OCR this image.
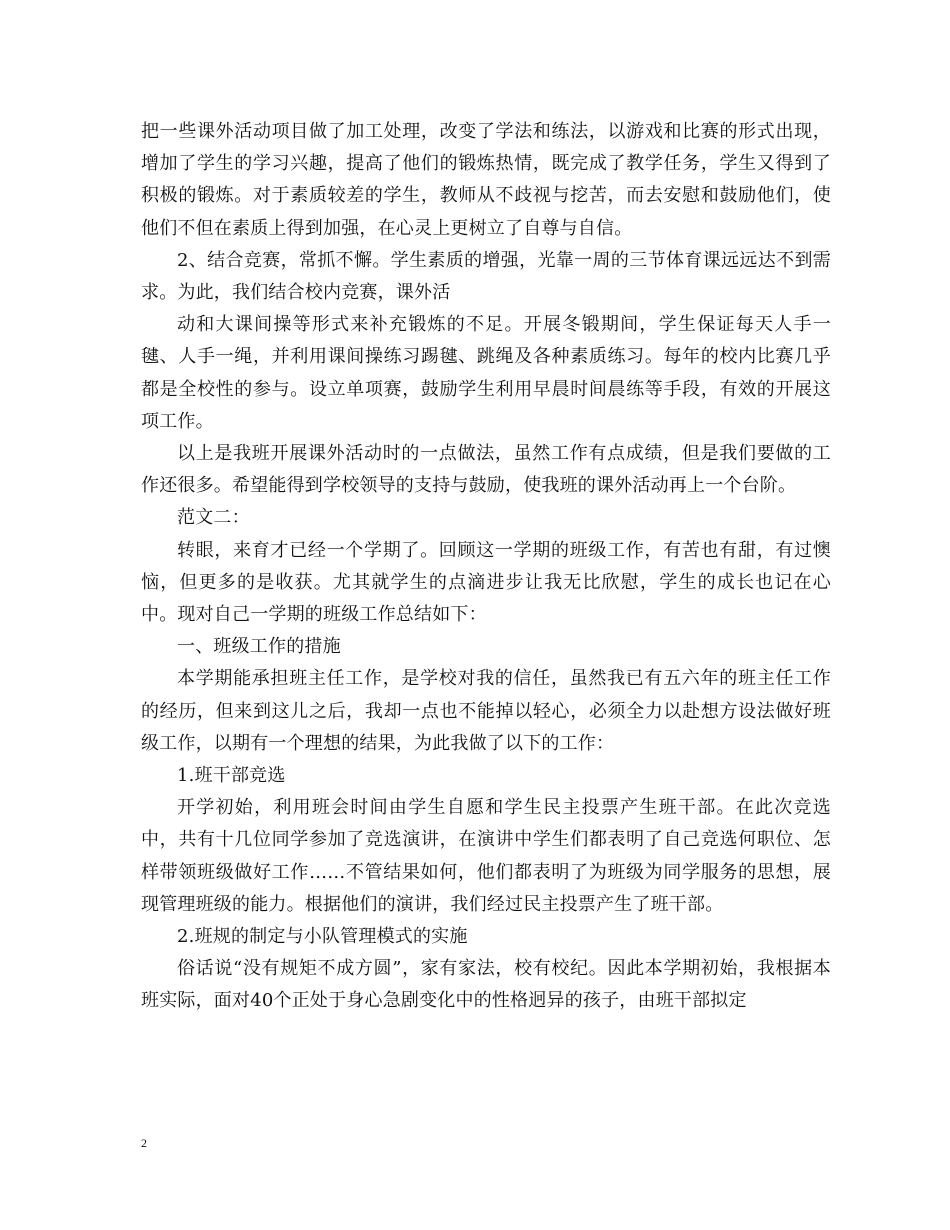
把一些课外活动项目做了加工处理，改变了学法和练法，以游戏和比赛的形式出现，增加了学生的学习兴趣，提高了他们的锻炼热情，既完成了教学任务，学生又得到了积极的锻炼。对于素质较差的学生，教师从不歧视与挖苦，而去安慰和鼓励他们，使他们不但在素质上得到加强，在心灵上更树立了自尊与自信。

2、结合竞赛，常抓不懈。学生素质的增强，光靠一周的三节体育课远远达不到需求。为此，我们结合校内竞赛，课外活

动和大课间操等形式来补充锻炼的不足。开展冬锻期间，学生保证每天人手一毽、人手一绳，并利用课间操练习踢毽、跳绳及各种素质练习。每年的校内比赛几乎都是全校性的参与。设立单项赛，鼓励学生利用早晨时间晨练等手段，有效的开展这项工作。

以上是我班开展课外活动时的一点做法，虽然工作有点成绩，但是我们要做的工作还很多。希望能得到学校领导的支持与鼓励，使我班的课外活动再上一个台阶。

范文二：

转眼，来育才已经一个学期了。回顾这一学期的班级工作，有苦也有甜，有过懊恼，但更多的是收获。尤其就学生的点滴进步让我无比欣慰，学生的成长也记在心中。现对自己一学期的班级工作总结如下：

一、班级工作的措施

本学期能承担班主任工作，是学校对我的信任，虽然我已有五六年的班主任工作的经历，但来到这儿之后，我却一点也不能掉以轻心，必须全力以赴想方设法做好班级工作，以期有一个理想的结果，为此我做了以下的工作：

1.班干部竞选

开学初始，利用班会时间由学生自愿和学生民主投票产生班干部。在此次竞选中，共有十几位同学参加了竞选演讲，在演讲中学生们都表明了自己竞选何职位、怎样带领班级做好工作……不管结果如何，他们都表明了为班级为同学服务的思想，展现管理班级的能力。根据他们的演讲，我们经过民主投票产生了班干部。

2.班规的制定与小队管理模式的实施

俗话说“没有规矩不成方圆”，家有家法，校有校纪。因此本学期初始，我根据本班实际，面对40个正处于身心急剧变化中的性格迥异的孩子，由班干部拟定

2
